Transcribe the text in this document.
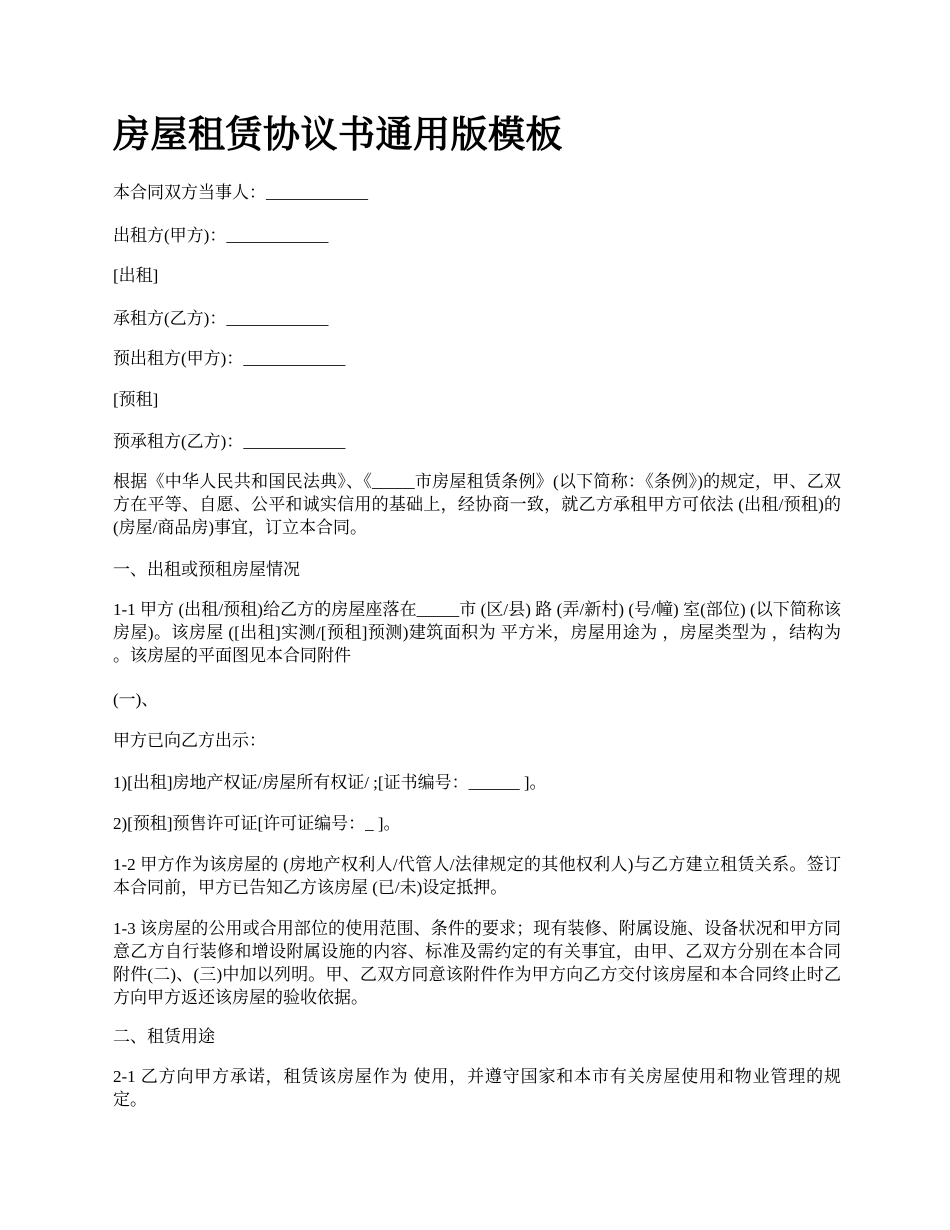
房屋租赁协议书通用版模板

本合同双方当事人：____________

出租方(甲方)：____________

[出租]

承租方(乙方)：____________

预出租方(甲方)：____________

[预租]

预承租方(乙方)：____________

根据《中华人民共和国民法典》、《_____市房屋租赁条例》(以下简称：《条例》)的规定，甲、乙双方在平等、自愿、公平和诚实信用的基础上，经协商一致，就乙方承租甲方可依法 (出租/预租)的 (房屋/商品房)事宜，订立本合同。

一、出租或预租房屋情况

1-1 甲方 (出租/预租)给乙方的房屋座落在_____市 (区/县) 路 (弄/新村) (号/幢) 室(部位) (以下简称该房屋)。该房屋 ([出租]实测/[预租]预测)建筑面积为 平方米，房屋用途为 ，房屋类型为 ，结构为 。该房屋的平面图见本合同附件

(一)、

甲方已向乙方出示：

1)[出租]房地产权证/房屋所有权证/ ;[证书编号：______ ]。

2)[预租]预售许可证[许可证编号：_ ]。

1-2 甲方作为该房屋的 (房地产权利人/代管人/法律规定的其他权利人)与乙方建立租赁关系。签订本合同前，甲方已告知乙方该房屋 (已/未)设定抵押。

1-3 该房屋的公用或合用部位的使用范围、条件的要求；现有装修、附属设施、设备状况和甲方同意乙方自行装修和增设附属设施的内容、标准及需约定的有关事宜，由甲、乙双方分别在本合同附件(二)、(三)中加以列明。甲、乙双方同意该附件作为甲方向乙方交付该房屋和本合同终止时乙方向甲方返还该房屋的验收依据。

二、租赁用途

2-1 乙方向甲方承诺，租赁该房屋作为 使用，并遵守国家和本市有关房屋使用和物业管理的规定。
